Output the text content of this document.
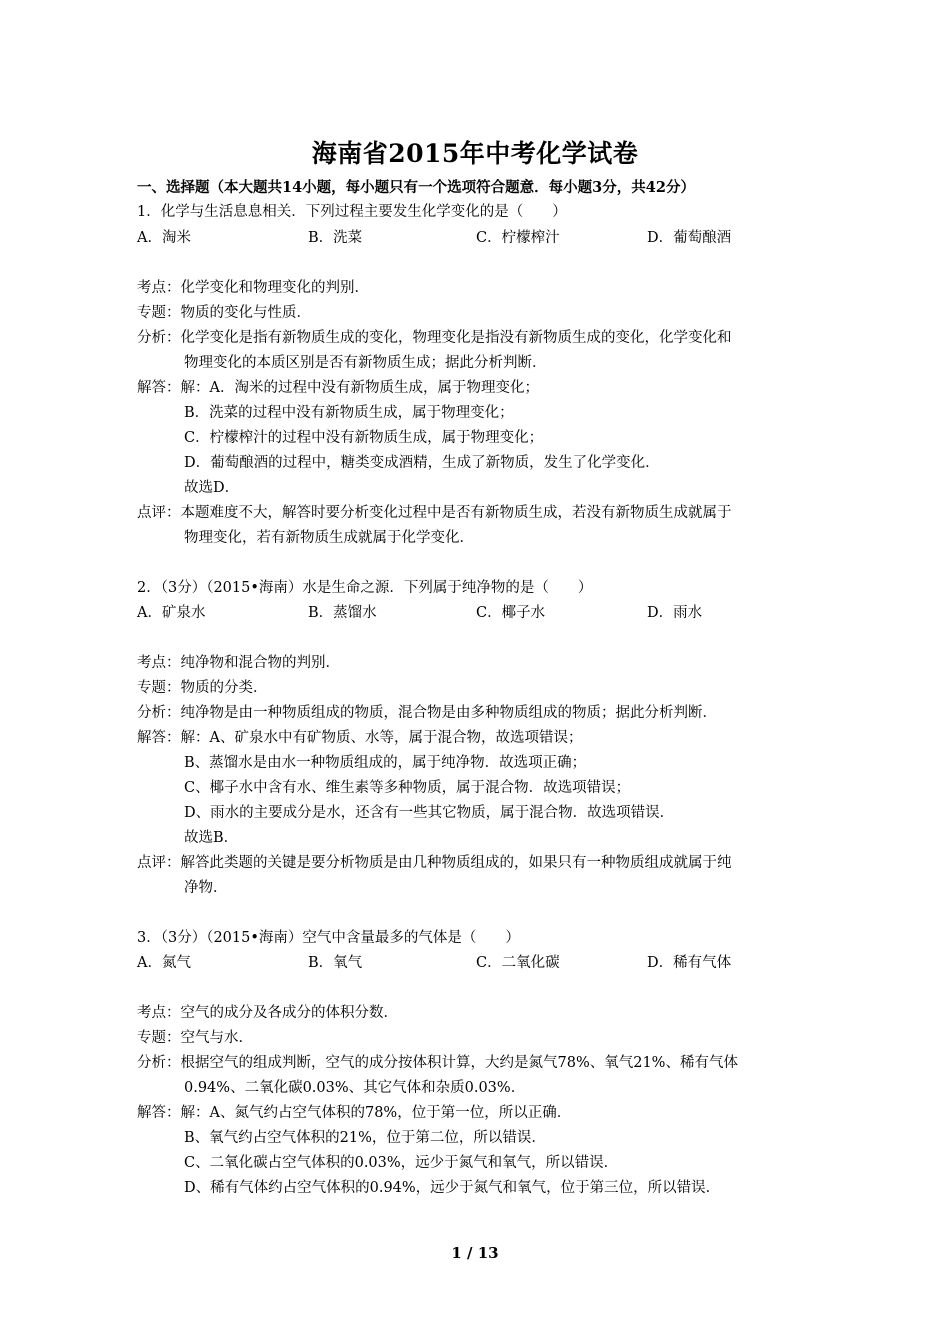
海南省2015年中考化学试卷
一、选择题（本大题共14小题，每小题只有一个选项符合题意．每小题3分，共42分）
1．化学与生活息息相关．下列过程主要发生化学变化的是（　　）
A．淘米	B．洗菜	C．柠檬榨汁	D．葡萄酿酒
考点：化学变化和物理变化的判别．
专题：物质的变化与性质．
分析：化学变化是指有新物质生成的变化，物理变化是指没有新物质生成的变化，化学变化和
物理变化的本质区别是否有新物质生成；据此分析判断．
解答：解：A．淘米的过程中没有新物质生成，属于物理变化；
B．洗菜的过程中没有新物质生成，属于物理变化；
C．柠檬榨汁的过程中没有新物质生成，属于物理变化；
D．葡萄酿酒的过程中，糖类变成酒精，生成了新物质，发生了化学变化．
故选D．
点评：本题难度不大，解答时要分析变化过程中是否有新物质生成，若没有新物质生成就属于
物理变化，若有新物质生成就属于化学变化．
2．（3分）（2015•海南）水是生命之源．下列属于纯净物的是（　　）
A．矿泉水	B．蒸馏水	C．椰子水	D．雨水
考点：纯净物和混合物的判别．
专题：物质的分类．
分析：纯净物是由一种物质组成的物质，混合物是由多种物质组成的物质；据此分析判断．
解答：解：A、矿泉水中有矿物质、水等，属于混合物，故选项错误；
B、蒸馏水是由水一种物质组成的，属于纯净物．故选项正确；
C、椰子水中含有水、维生素等多种物质，属于混合物．故选项错误；
D、雨水的主要成分是水，还含有一些其它物质，属于混合物．故选项错误．
故选B．
点评：解答此类题的关键是要分析物质是由几种物质组成的，如果只有一种物质组成就属于纯
净物．
3．（3分）（2015•海南）空气中含量最多的气体是（　　）
A．氮气	B．氧气	C．二氧化碳	D．稀有气体
考点：空气的成分及各成分的体积分数．
专题：空气与水．
分析：根据空气的组成判断，空气的成分按体积计算，大约是氮气78%、氧气21%、稀有气体
0.94%、二氧化碳0.03%、其它气体和杂质0.03%．
解答：解：A、氮气约占空气体积的78%，位于第一位，所以正确．
B、氧气约占空气体积的21%，位于第二位，所以错误．
C、二氧化碳占空气体积的0.03%，远少于氮气和氧气，所以错误．
D、稀有气体约占空气体积的0.94%，远少于氮气和氧气，位于第三位，所以错误．
1 / 13
